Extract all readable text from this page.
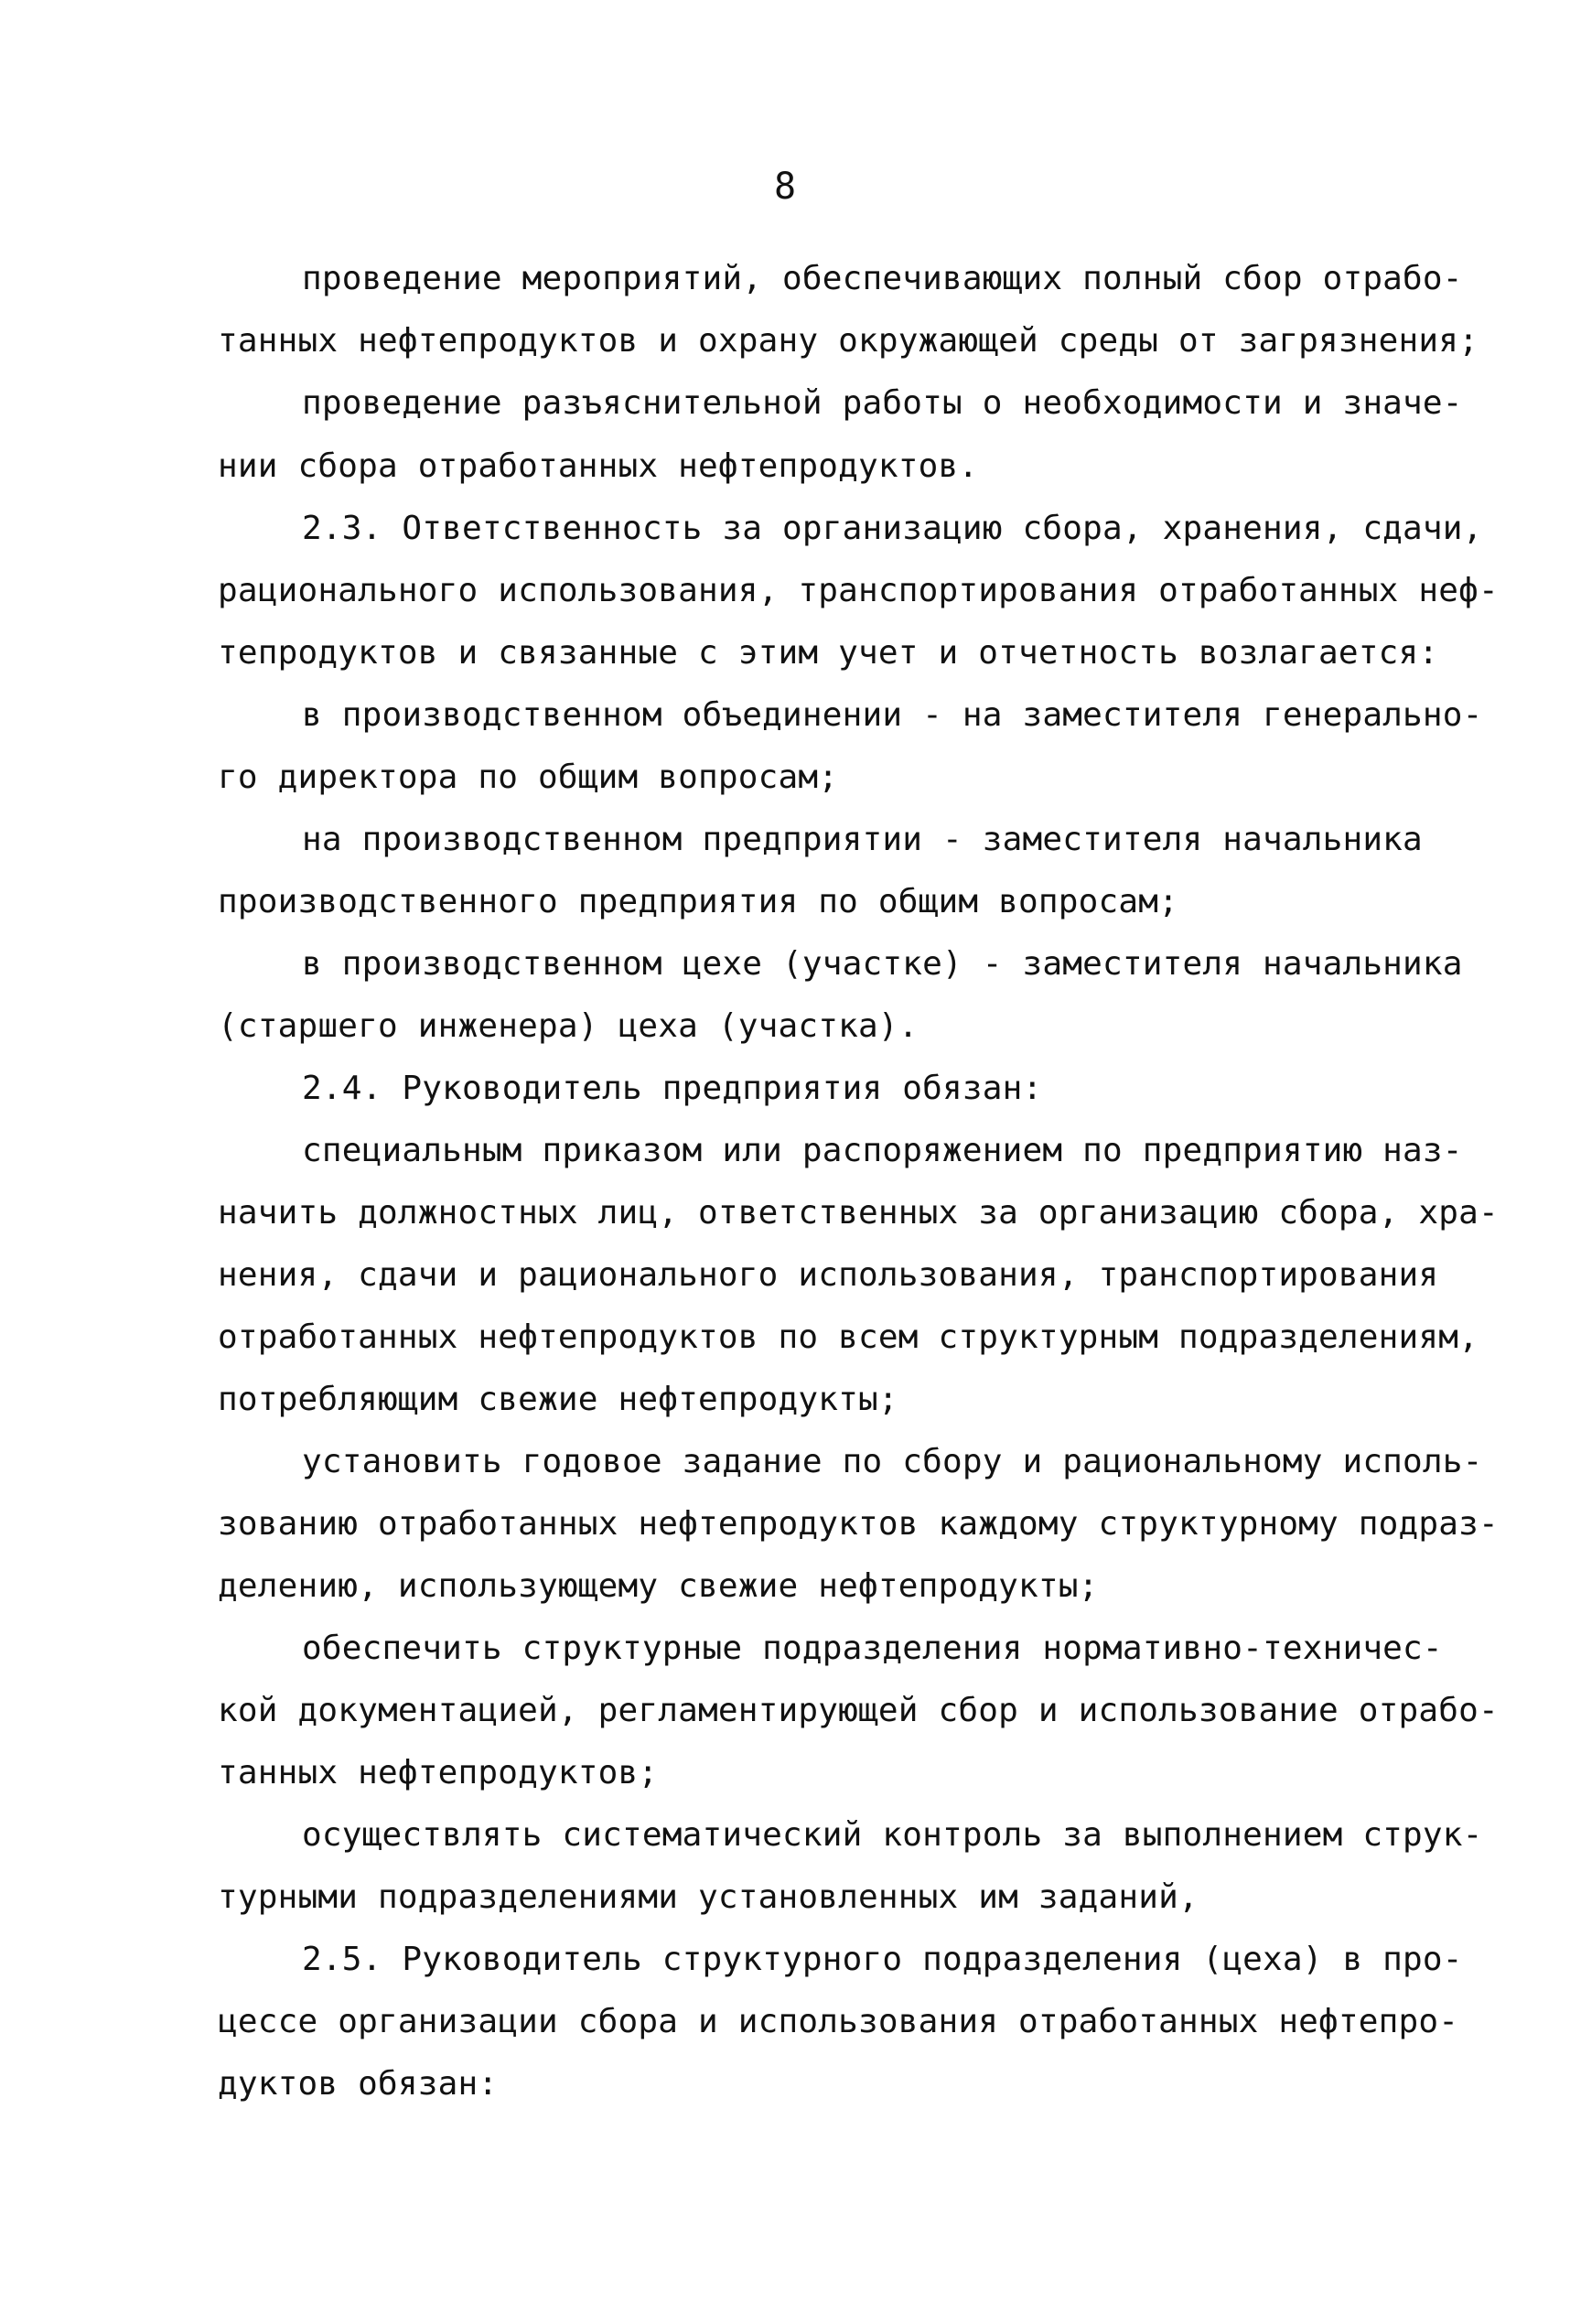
8
проведение мероприятий, обеспечивающих полный сбор отрабо-
танных нефтепродуктов и охрану окружающей среды от загрязнения;
проведение разъяснительной работы о необходимости и значе-
нии сбора отработанных нефтепродуктов.
2.3. Ответственность за организацию сбора, хранения, сдачи,
рационального использования, транспортирования отработанных неф-
тепродуктов и связанные с этим учет и отчетность возлагается:
в производственном объединении - на заместителя генерально-
го директора по общим вопросам;
на производственном предприятии - заместителя начальника
производственного предприятия по общим вопросам;
в производственном цехе (участке) - заместителя начальника
(старшего инженера) цеха (участка).
2.4. Руководитель предприятия обязан:
специальным приказом или распоряжением по предприятию наз-
начить должностных лиц, ответственных за организацию сбора, хра-
нения, сдачи и рационального использования, транспортирования
отработанных нефтепродуктов по всем структурным подразделениям,
потребляющим свежие нефтепродукты;
установить годовое задание по сбору и рациональному исполь-
зованию отработанных нефтепродуктов каждому структурному подраз-
делению, использующему свежие нефтепродукты;
обеспечить структурные подразделения нормативно-техничес-
кой документацией, регламентирующей сбор и использование отрабо-
танных нефтепродуктов;
осуществлять систематический контроль за выполнением струк-
турными подразделениями установленных им заданий,
2.5. Руководитель структурного подразделения (цеха) в про-
цессе организации сбора и использования отработанных нефтепро-
дуктов обязан:
